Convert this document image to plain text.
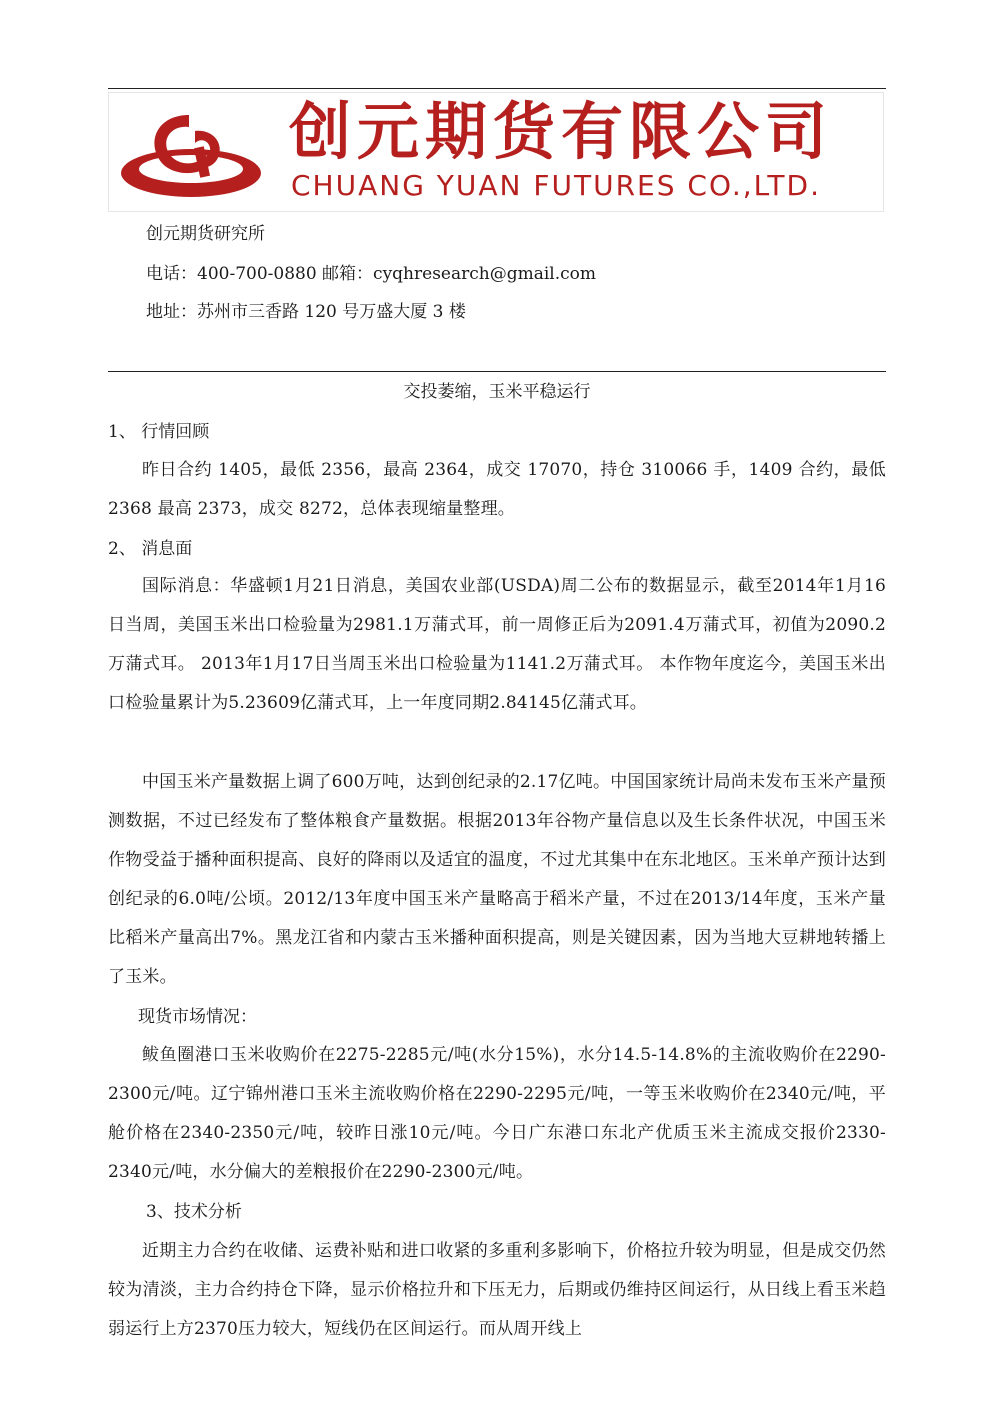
创元期货有限公司
CHUANG YUAN FUTURES CO.,LTD.
创元期货研究所
电话：400-700-0880 邮箱：cyqhresearch@gmail.com
地址：苏州市三香路 120 号万盛大厦 3 楼
交投萎缩，玉米平稳运行
1、 行情回顾
昨日合约 1405，最低 2356，最高 2364，成交 17070，持仓 310066 手，1409 合约，最低 2368 最高 2373，成交 8272，总体表现缩量整理。
2、 消息面
国际消息：华盛顿1月21日消息，美国农业部(USDA)周二公布的数据显示，截至2014年1月16日当周，美国玉米出口检验量为2981.1万蒲式耳，前一周修正后为2091.4万蒲式耳，初值为2090.2万蒲式耳。 2013年1月17日当周玉米出口检验量为1141.2万蒲式耳。 本作物年度迄今，美国玉米出口检验量累计为5.23609亿蒲式耳，上一年度同期2.84145亿蒲式耳。
中国玉米产量数据上调了600万吨，达到创纪录的2.17亿吨。中国国家统计局尚未发布玉米产量预测数据，不过已经发布了整体粮食产量数据。根据2013年谷物产量信息以及生长条件状况，中国玉米作物受益于播种面积提高、良好的降雨以及适宜的温度，不过尤其集中在东北地区。玉米单产预计达到创纪录的6.0吨/公顷。2012/13年度中国玉米产量略高于稻米产量，不过在2013/14年度，玉米产量比稻米产量高出7%。黑龙江省和内蒙古玉米播种面积提高，则是关键因素，因为当地大豆耕地转播上了玉米。
现货市场情况：
鲅鱼圈港口玉米收购价在2275-2285元/吨(水分15%)，水分14.5-14.8%的主流收购价在2290-2300元/吨。辽宁锦州港口玉米主流收购价格在2290-2295元/吨，一等玉米收购价在2340元/吨，平舱价格在2340-2350元/吨，较昨日涨10元/吨。今日广东港口东北产优质玉米主流成交报价2330-2340元/吨，水分偏大的差粮报价在2290-2300元/吨。
3、技术分析
近期主力合约在收储、运费补贴和进口收紧的多重利多影响下，价格拉升较为明显，但是成交仍然较为清淡，主力合约持仓下降，显示价格拉升和下压无力，后期或仍维持区间运行，从日线上看玉米趋弱运行上方2370压力较大，短线仍在区间运行。而从周开线上
